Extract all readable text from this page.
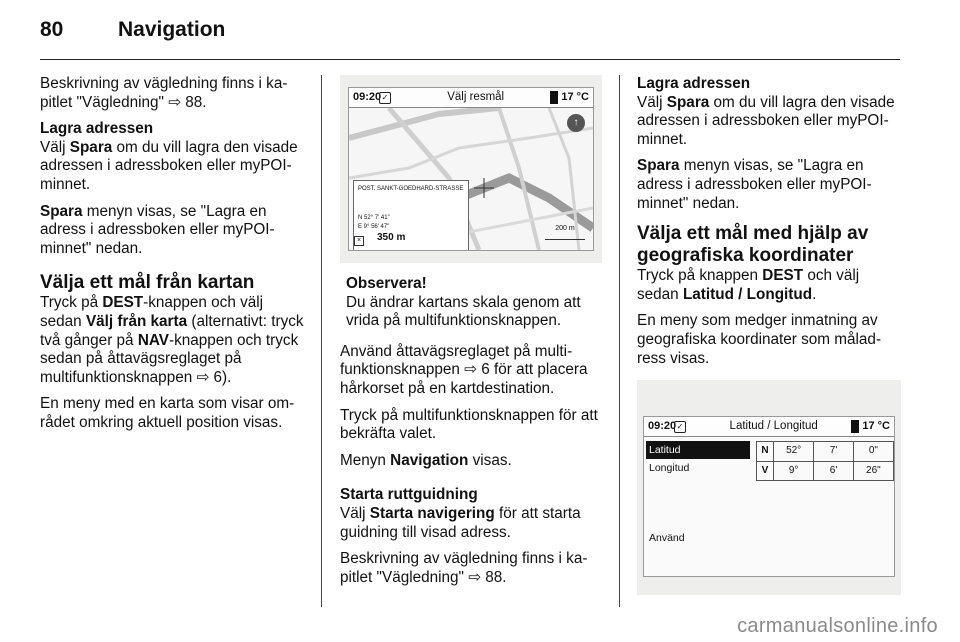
80	Navigation

Beskrivning av vägledning finns i kapitlet "Vägledning" ⇨ 88.

Lagra adressen

Välj Spara om du vill lagra den visade adressen i adressboken eller myPOI-minnet.

Spara menyn visas, se "Lagra en adress i adressboken eller myPOI-minnet" nedan.

Välja ett mål från kartan

Tryck på DEST-knappen och välj sedan Välj från karta (alternativt: tryck två gånger på NAV-knappen och tryck sedan på åttavägsreglaget på multifunktionsknappen ⇨ 6).

En meny med en karta som visar området omkring aktuell position visas.

09:20 ✓	Välj resmål	17 °C
↑
POST. SANKT-GOEDHARD-STRASSE
N 52° 7' 41"
E 9° 56' 47"
× 350 m
200 m
Observera!
Du ändrar kartans skala genom att vrida på multifunktionsknappen.

Använd åttavägsreglaget på multifunktionsknappen ⇨ 6 för att placera hårkorset på en kartdestination.

Tryck på multifunktionsknappen för att bekräfta valet.

Menyn Navigation visas.

Starta ruttguidning

Välj Starta navigering för att starta guidning till visad adress.

Beskrivning av vägledning finns i kapitlet "Vägledning" ⇨ 88.

Lagra adressen

Välj Spara om du vill lagra den visade adressen i adressboken eller myPOI-minnet.

Spara menyn visas, se "Lagra en adress i adressboken eller myPOI-minnet" nedan.

Välja ett mål med hjälp av geografiska koordinater

Tryck på knappen DEST och välj sedan Latitud / Longitud.

En meny som medger inmatning av geografiska koordinater som måladress visas.

09:20 ✓	Latitud / Longitud	17 °C
Latitud
Longitud
Använd
N	52°	7'	0"
V	9°	6'	26"
carmanualsonline.info
